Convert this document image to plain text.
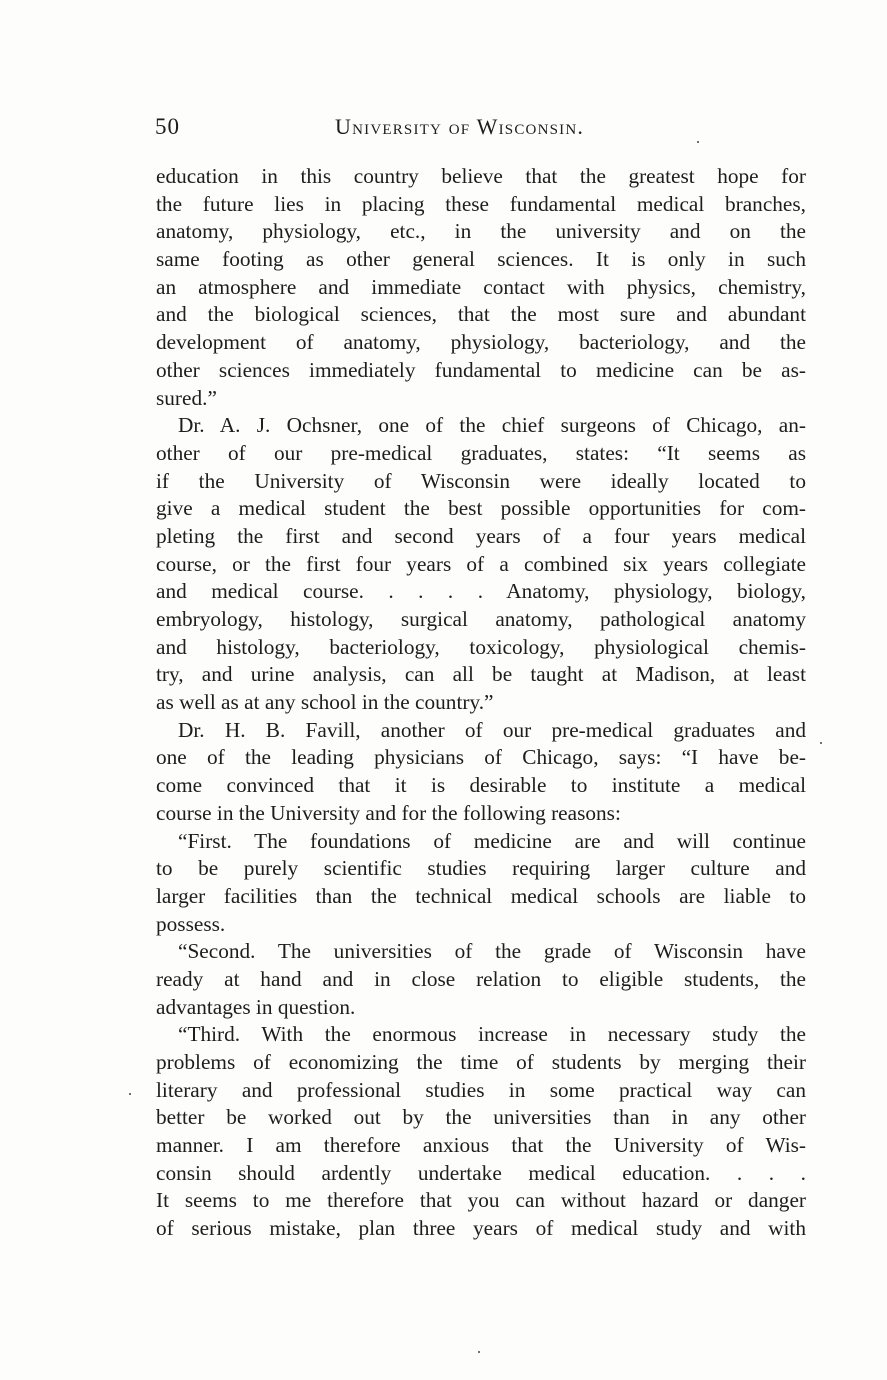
50	University of Wisconsin.
education in this country believe that the greatest hope for
the future lies in placing these fundamental medical branches,
anatomy, physiology, etc., in the university and on the
same footing as other general sciences. It is only in such
an atmosphere and immediate contact with physics, chemistry,
and the biological sciences, that the most sure and abundant
development of anatomy, physiology, bacteriology, and the
other sciences immediately fundamental to medicine can be as-
sured.”
Dr. A. J. Ochsner, one of the chief surgeons of Chicago, an-
other of our pre-medical graduates, states: “It seems as
if the University of Wisconsin were ideally located to
give a medical student the best possible opportunities for com-
pleting the first and second years of a four years medical
course, or the first four years of a combined six years collegiate
and medical course. . . . . Anatomy, physiology, biology,
embryology, histology, surgical anatomy, pathological anatomy
and histology, bacteriology, toxicology, physiological chemis-
try, and urine analysis, can all be taught at Madison, at least
as well as at any school in the country.”
Dr. H. B. Favill, another of our pre-medical graduates and
one of the leading physicians of Chicago, says: “I have be-
come convinced that it is desirable to institute a medical
course in the University and for the following reasons:
“First. The foundations of medicine are and will continue
to be purely scientific studies requiring larger culture and
larger facilities than the technical medical schools are liable to
possess.
“Second. The universities of the grade of Wisconsin have
ready at hand and in close relation to eligible students, the
advantages in question.
“Third. With the enormous increase in necessary study the
problems of economizing the time of students by merging their
literary and professional studies in some practical way can
better be worked out by the universities than in any other
manner. I am therefore anxious that the University of Wis-
consin should ardently undertake medical education. . . .
It seems to me therefore that you can without hazard or danger
of serious mistake, plan three years of medical study and with
